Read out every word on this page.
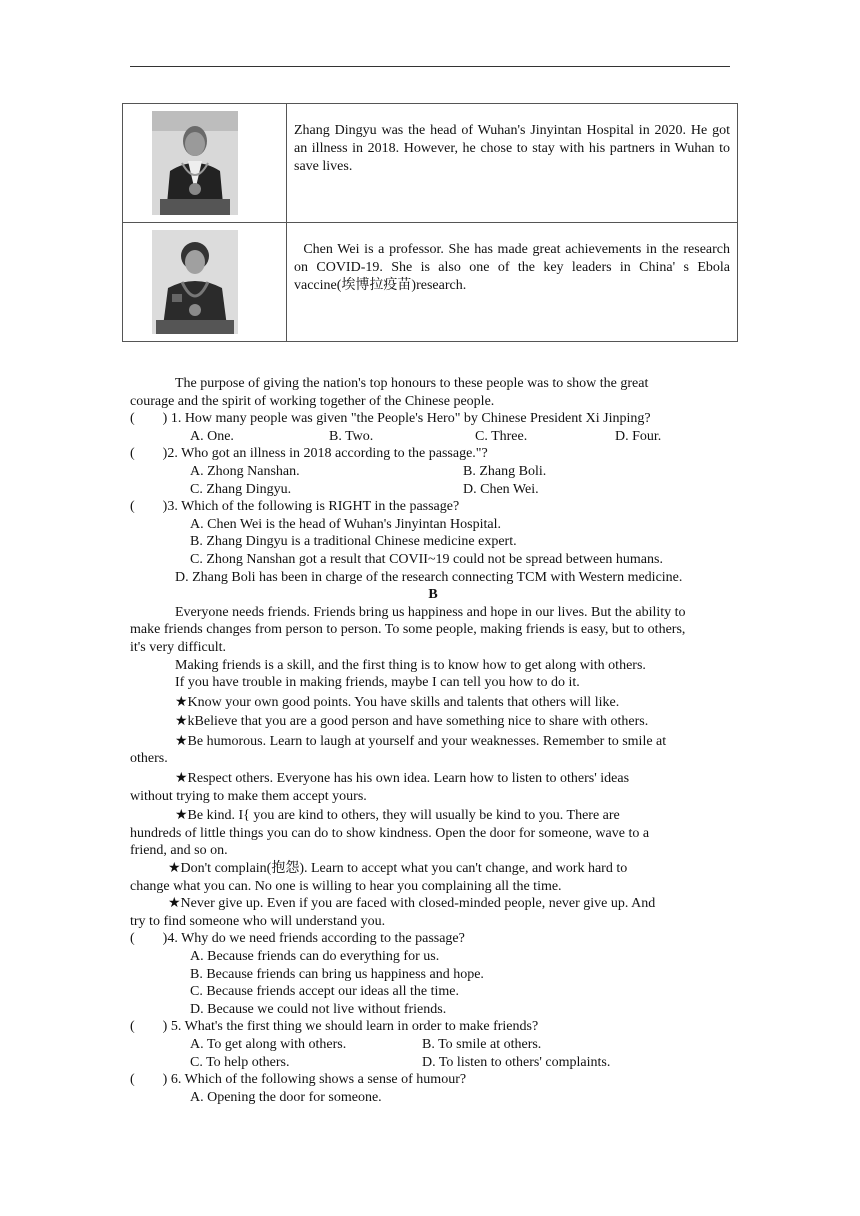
	Zhang Dingyu was the head of Wuhan's Jinyintan Hospital in 2020. He got an illness in 2018. However, he chose to stay with his partners in Wuhan to save lives.
	Chen Wei is a professor. She has made great achievements in the research on COVID-19. She is also one of the key leaders in China' s Ebola vaccine(埃博拉疫苗)research.

The purpose of giving the nation's top honours to these people was to show the great

courage and the spirit of working together of the Chinese people.

(        ) 1. How many people was given "the People's Hero" by Chinese President Xi Jinping?

A. One.	B. Two.	C. Three.	D. Four.

(        )2. Who got an illness in 2018 according to the passage."?

A. Zhong Nanshan.	B. Zhang Boli.
C. Zhang Dingyu.	D. Chen Wei.

(        )3. Which of the following is RIGHT in the passage?

A. Chen Wei is the head of Wuhan's Jinyintan Hospital.

B. Zhang Dingyu is a traditional Chinese medicine expert.

C. Zhong Nanshan got a result that COVII~19 could not be spread between humans.

D. Zhang Boli has been in charge of the research connecting TCM with Western medicine.

B

Everyone needs friends. Friends bring us happiness and hope in our lives. But the ability to

make friends changes from person to person. To some people, making friends is easy, but to others,

it's very difficult.

Making friends is a skill, and the first thing is to know how to get along with others.

If you have trouble in making friends, maybe I can tell you how to do it.

★Know your own good points. You have skills and talents that others will like.

★kBelieve that you are a good person and have something nice to share with others.

★Be humorous. Learn to laugh at yourself and your weaknesses. Remember to smile at

others.

★Respect others. Everyone has his own idea. Learn how to listen to others' ideas

without trying to make them accept yours.

★Be kind. I{ you are kind to others, they will usually be kind to you. There are

hundreds of little things you can do to show kindness. Open the door for someone, wave to a

friend, and so on.

★Don't complain(抱怨). Learn to accept what you can't change, and work hard to

change what you can. No one is willing to hear you complaining all the time.

★Never give up. Even if you are faced with closed-minded people, never give up. And

try to find someone who will understand you.

(        )4. Why do we need friends according to the passage?

A. Because friends can do everything for us.

B. Because friends can bring us happiness and hope.

C. Because friends accept our ideas all the time.

D. Because we could not live without friends.

(        ) 5. What's the first thing we should learn in order to make friends?

A. To get along with others.	B. To smile at others.
C. To help others.	D. To listen to others' complaints.

(        ) 6. Which of the following shows a sense of humour?

A. Opening the door for someone.
